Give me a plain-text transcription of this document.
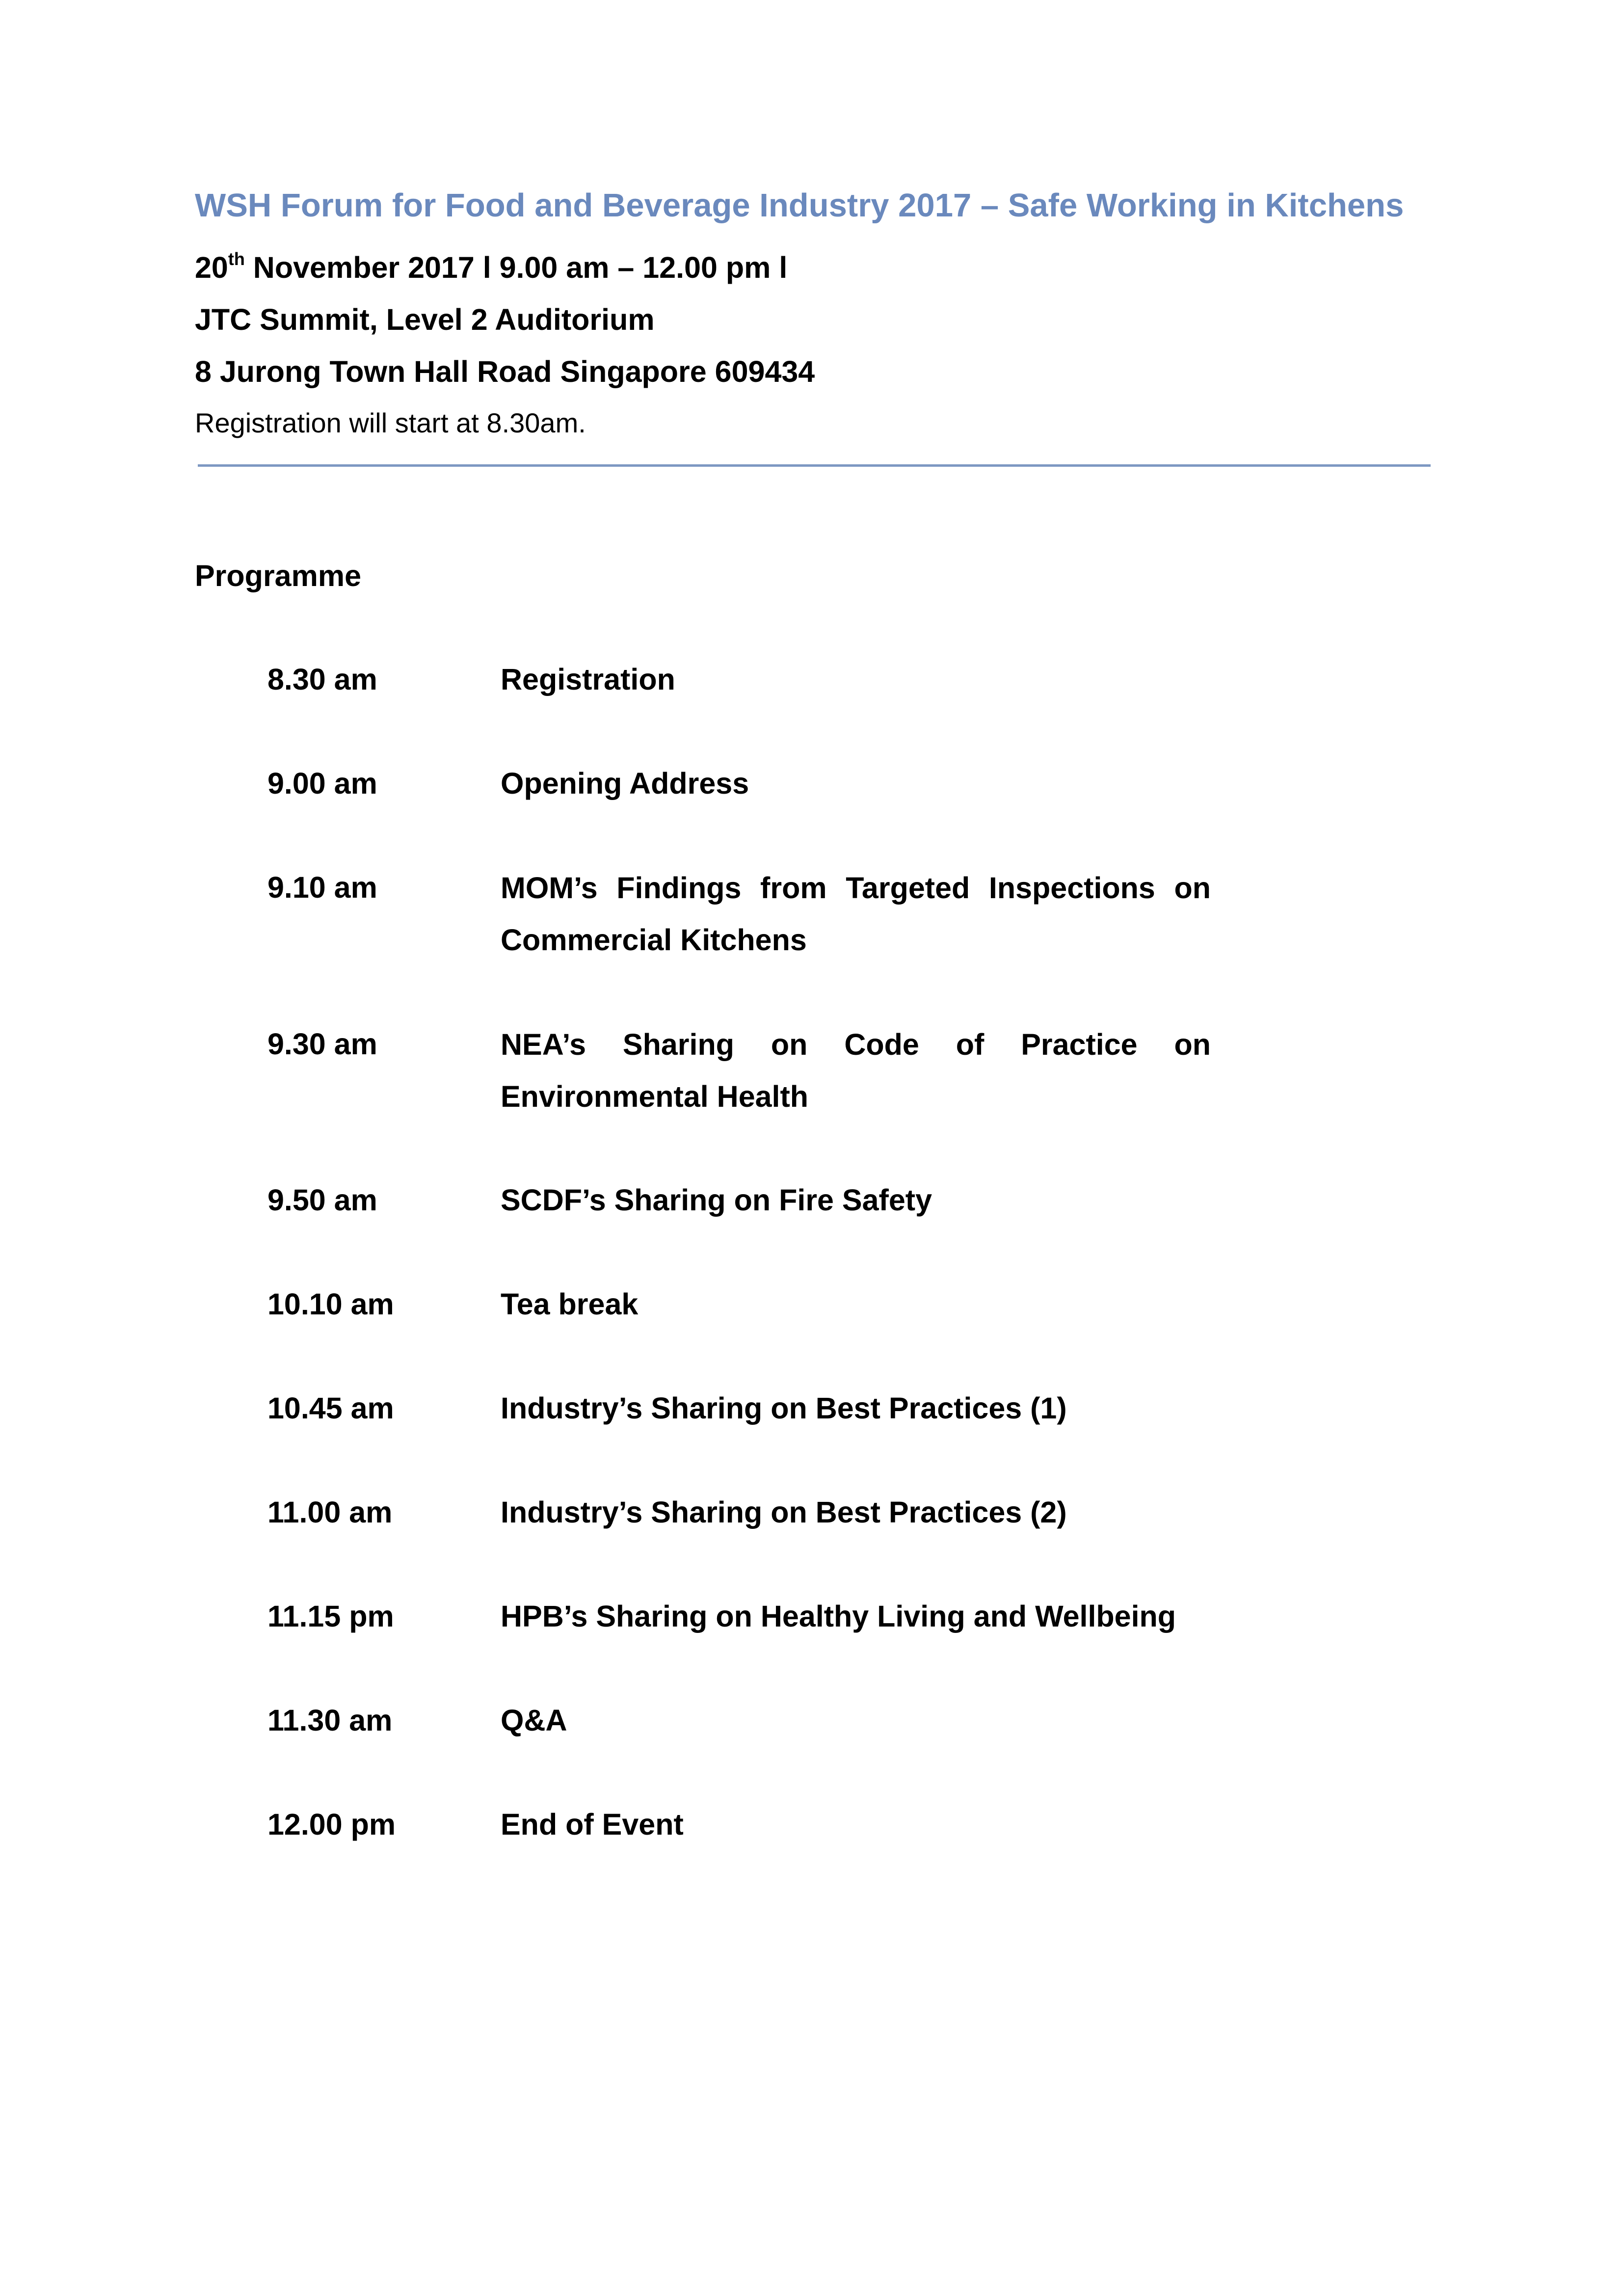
WSH Forum for Food and Beverage Industry 2017 – Safe Working in Kitchens
20th November 2017 l 9.00 am – 12.00 pm l
JTC Summit, Level 2 Auditorium
8 Jurong Town Hall Road Singapore 609434
Registration will start at 8.30am.
Programme
8.30 am	Registration
9.00 am	Opening Address
9.10 am	MOM’s Findings from Targeted Inspections on
Commercial Kitchens
9.30 am	NEA’s Sharing on Code of Practice on
Environmental Health
9.50 am	SCDF’s Sharing on Fire Safety
10.10 am	Tea break
10.45 am	Industry’s Sharing on Best Practices (1)
11.00 am	Industry’s Sharing on Best Practices (2)
11.15 pm	HPB’s Sharing on Healthy Living and Wellbeing
11.30 am	Q&A
12.00 pm	End of Event
